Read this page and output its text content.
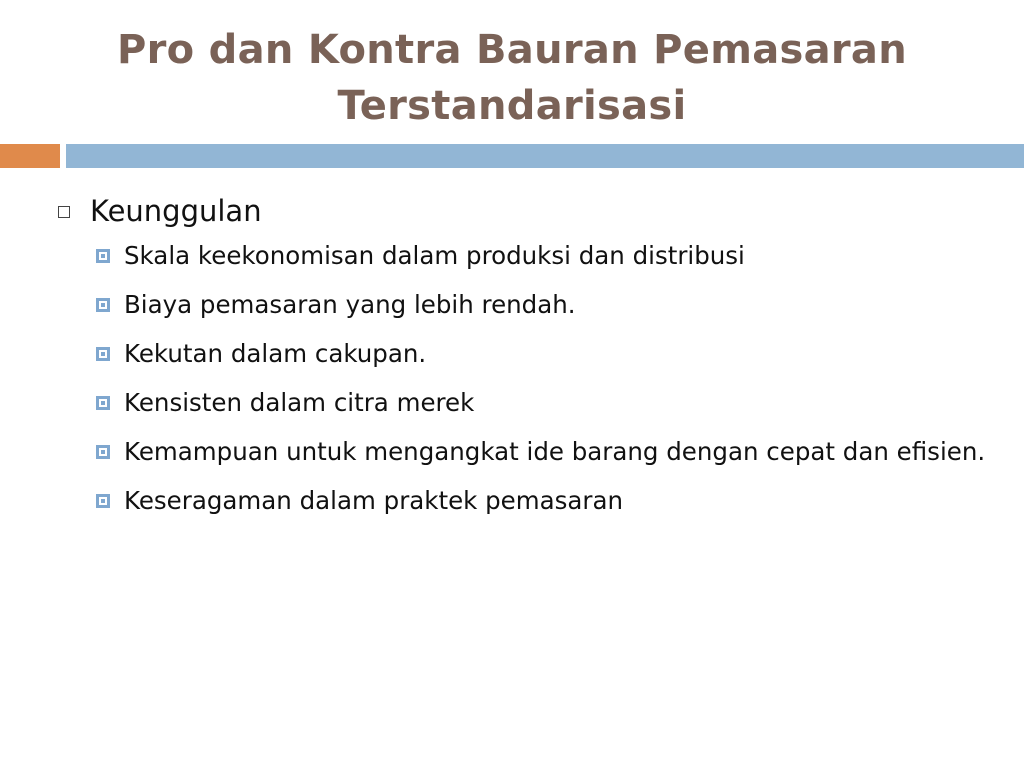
Pro dan Kontra Bauran Pemasaran Terstandarisasi
Keunggulan
Skala keekonomisan dalam produksi dan distribusi
Biaya pemasaran yang lebih rendah.
Kekutan dalam cakupan.
Kensisten dalam citra merek
Kemampuan untuk mengangkat ide barang dengan cepat dan efisien.
Keseragaman dalam praktek pemasaran
